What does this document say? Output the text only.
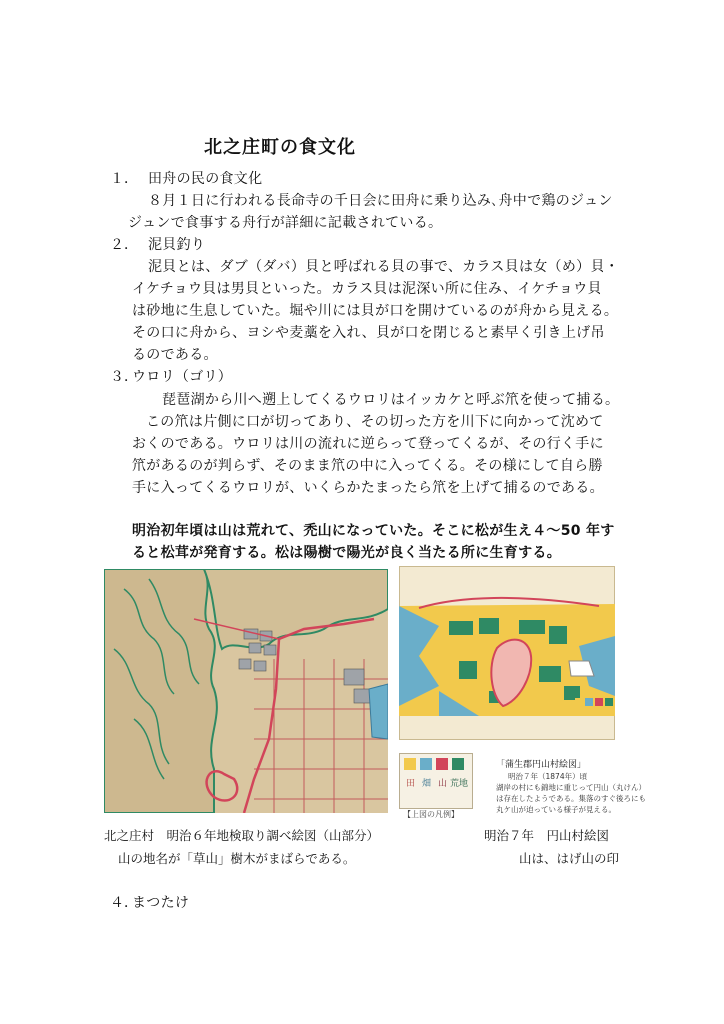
北之庄町の食文化
１． 田舟の民の食文化
８月１日に行われる長命寺の千日会に田舟に乗り込み､舟中で鶏のジュン
ジュンで食事する舟行が詳細に記載されている。
２． 泥貝釣り
泥貝とは、ダブ（ダバ）貝と呼ばれる貝の事で、カラス貝は女（め）貝・
イケチョウ貝は男貝といった。カラス貝は泥深い所に住み、イケチョウ貝
は砂地に生息していた。堀や川には貝が口を開けているのが舟から見える。
その口に舟から、ヨシや麦藁を入れ、貝が口を閉じると素早く引き上げ吊
るのである。
３．
ウロリ（ゴリ）
琵琶湖から川へ遡上してくるウロリはイッカケと呼ぶ笊を使って捕る。
この笊は片側に口が切ってあり、その切った方を川下に向かって沈めて
おくのである。ウロリは川の流れに逆らって登ってくるが、その行く手に
笊があるのが判らず、そのまま笊の中に入ってくる。その様にして自ら勝
手に入ってくるウロリが、いくらかたまったら笊を上げて捕るのである。
明治初年頃は山は荒れて、禿山になっていた。そこに松が生え４〜50 年す
ると松茸が発育する。松は陽樹で陽光が良く当たる所に生育する。
田 畑 山 荒地
【上図の凡例】
「蒲生郡円山村絵図」
明治７年（1874年）頃
湖岸の村にも錦地に重じって円山（丸けん）
は存在したようである。集落のすぐ後ろにも
丸ケ山が迫っている様子が見える。
北之庄村　明治６年地検取り調べ絵図（山部分）
山の地名が「草山」樹木がまばらである。
明治７年　円山村絵図
山は、はげ山の印
４．
まつたけ
